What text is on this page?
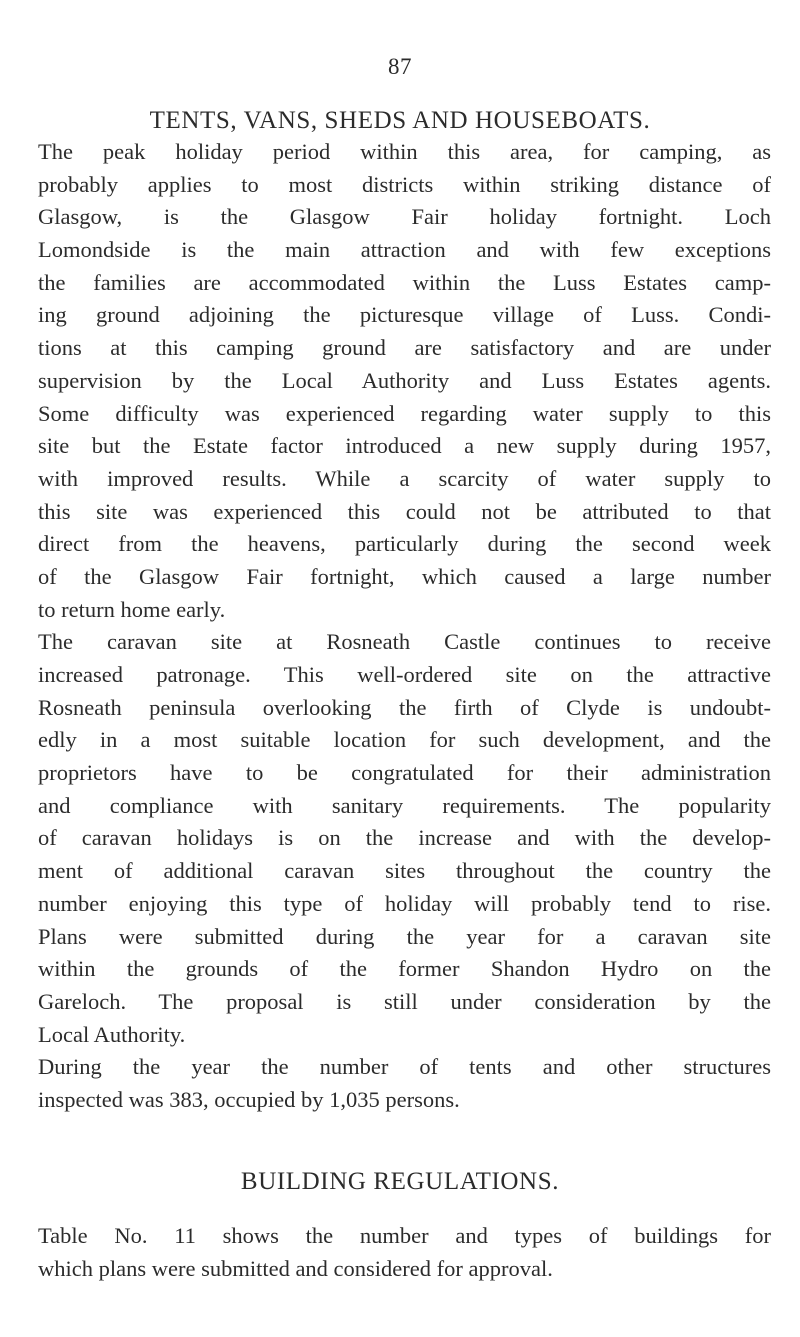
87
TENTS, VANS, SHEDS AND HOUSEBOATS.
The peak holiday period within this area, for camping, as
probably applies to most districts within striking distance of
Glasgow, is the Glasgow Fair holiday fortnight. Loch
Lomondside is the main attraction and with few exceptions
the families are accommodated within the Luss Estates camp-
ing ground adjoining the picturesque village of Luss. Condi-
tions at this camping ground are satisfactory and are under
supervision by the Local Authority and Luss Estates agents.
Some difficulty was experienced regarding water supply to this
site but the Estate factor introduced a new supply during 1957,
with improved results. While a scarcity of water supply to
this site was experienced this could not be attributed to that
direct from the heavens, particularly during the second week
of the Glasgow Fair fortnight, which caused a large number
to return home early.
The caravan site at Rosneath Castle continues to receive
increased patronage. This well-ordered site on the attractive
Rosneath peninsula overlooking the firth of Clyde is undoubt-
edly in a most suitable location for such development, and the
proprietors have to be congratulated for their administration
and compliance with sanitary requirements. The popularity
of caravan holidays is on the increase and with the develop-
ment of additional caravan sites throughout the country the
number enjoying this type of holiday will probably tend to rise.
Plans were submitted during the year for a caravan site
within the grounds of the former Shandon Hydro on the
Gareloch. The proposal is still under consideration by the
Local Authority.
During the year the number of tents and other structures
inspected was 383, occupied by 1,035 persons.
BUILDING REGULATIONS.
Table No. 11 shows the number and types of buildings for
which plans were submitted and considered for approval.
